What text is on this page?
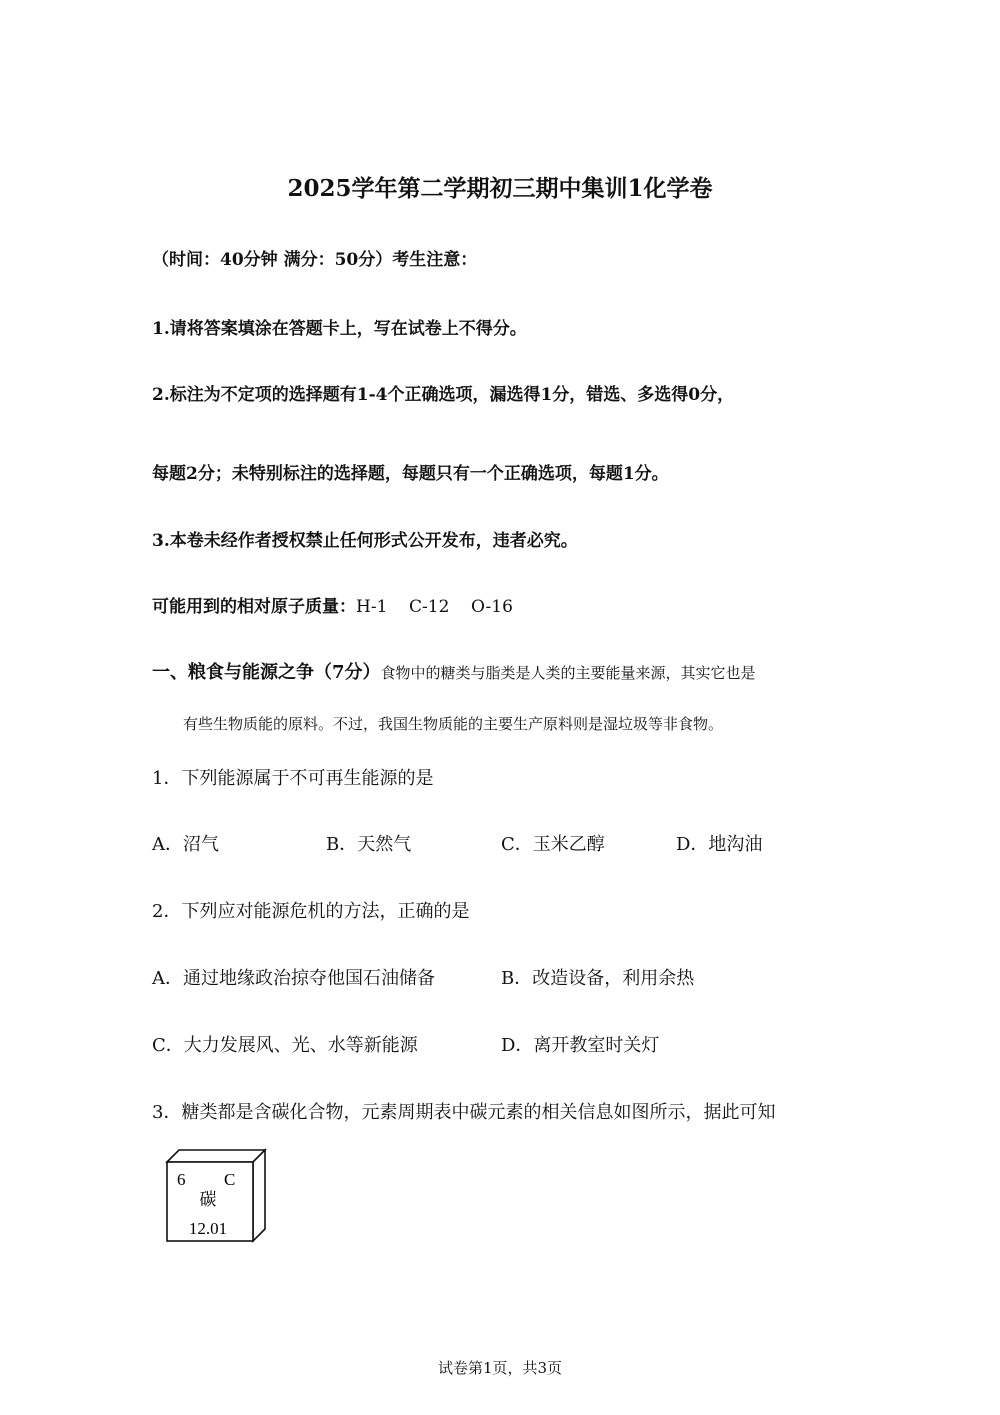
2025学年第二学期初三期中集训1化学卷
（时间：40分钟 满分：50分）考生注意：
1.请将答案填涂在答题卡上，写在试卷上不得分。
2.标注为不定项的选择题有1-4个正确选项，漏选得1分，错选、多选得0分，
每题2分；未特别标注的选择题，每题只有一个正确选项，每题1分。
3.本卷未经作者授权禁止任何形式公开发布，违者必究。
可能用到的相对原子质量：H-1    C-12    O-16
一、粮食与能源之争（7分）食物中的糖类与脂类是人类的主要能量来源，其实它也是
有些生物质能的原料。不过，我国生物质能的主要生产原料则是湿垃圾等非食物。
1．下列能源属于不可再生能源的是
A．沼气	B．天然气	C．玉米乙醇	D．地沟油
2．下列应对能源危机的方法，正确的是
A．通过地缘政治掠夺他国石油储备	B．改造设备，利用余热
C．大力发展风、光、水等新能源	D．离开教室时关灯
3．糖类都是含碳化合物，元素周期表中碳元素的相关信息如图所示，据此可知
6 C
碳
12.01
试卷第1页，共3页
